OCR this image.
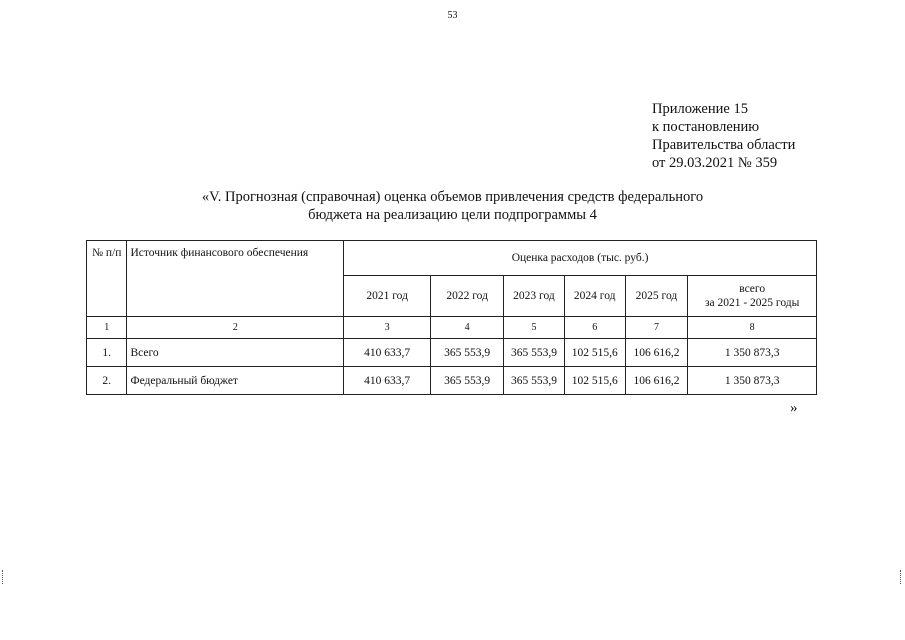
53
Приложение 15
к постановлению
Правительства области
от 29.03.2021 № 359
«V. Прогнозная (справочная) оценка объемов привлечения средств федерального
бюджета на реализацию цели подпрограммы 4
№ п/п	Источник финансового обеспечения	Оценка расходов (тыс. руб.)					
		2021 год	2022 год	2023 год	2024 год	2025 год	всего
за 2021 - 2025 годы

1	2	3	4	5	6	7	8
1.	Всего	410 633,7	365 553,9	365 553,9	102 515,6	106 616,2	1 350 873,3
2.	Федеральный бюджет	410 633,7	365 553,9	365 553,9	102 515,6	106 616,2	1 350 873,3
»
